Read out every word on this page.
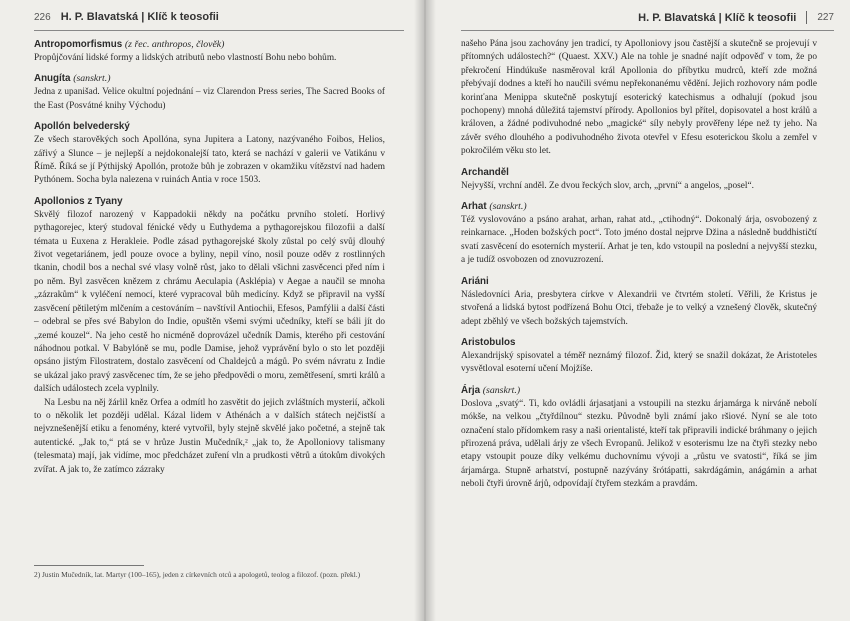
226 H. P. Blavatská | Klíč k teosofii
Antropomorfismus (z řec. anthropos, člověk)

Propůjčování lidské formy a lidských atributů nebo vlastností Bohu nebo bohům.

Anugíta (sanskrt.)

Jedna z upanišad. Velice okultní pojednání – viz Clarendon Press series, The Sacred Books of the East (Posvátné knihy Východu)

Apollón belvederský

Ze všech starověkých soch Apollóna, syna Jupitera a Latony, nazývaného Foibos, Helios, zářivý a Slunce – je nejlepší a nejdokonalejší tato, která se nachází v galerii ve Vatikánu v Římě. Říká se jí Pýthijský Apollón, protože bůh je zobrazen v okamžiku vítězství nad hadem Pythónem. Socha byla nalezena v ruinách Antia v roce 1503.

Apollonios z Tyany

Skvělý filozof narozený v Kappadokii někdy na počátku prvního století. Horlivý pythagorejec, který studoval fénické vědy u Euthydema a pythagorejskou filozofii a další témata u Euxena z Herakleie. Podle zásad pythagorejské školy zůstal po celý svůj dlouhý život vegetariánem, jedl pouze ovoce a byliny, nepil víno, nosil pouze oděv z rostlinných tkanin, chodil bos a nechal své vlasy volně růst, jako to dělali všichni zasvěcenci před ním i po něm. Byl zasvěcen knězem z chrámu Aeculapia (Asklépia) v Aegae a naučil se mnoha „zázrakům“ k vyléčení nemocí, které vypracoval bůh medicíny. Když se připravil na vyšší zasvěcení pětiletým mlčením a cestováním – navštívil Antiochii, Efesos, Pamfýlii a další části – odebral se přes své Babylon do Indie, opuštěn všemi svými učedníky, kteří se báli jít do „zemé kouzel“. Na jeho cestě ho nicméně doprovázel učedník Damis, kterého při cestování náhodnou potkal. V Babylóně se mu, podle Damise, jehož vyprávění bylo o sto let později opsáno jistým Filostratem, dostalo zasvěcení od Chaldejců a mágů. Po svém návratu z Indie se ukázal jako pravý zasvěcenec tím, že se jeho předpovědi o moru, zemětřesení, smrti králů a dalších událostech zcela vyplnily.

Na Lesbu na něj žárlil kněz Orfea a odmítl ho zasvětit do jejich zvláštních mysterií, ačkoli to o několik let později udělal. Kázal lidem v Athénách a v dalších státech nejčistší a nejvznešenější etiku a fenomény, které vytvořil, byly stejně skvělé jako početné, a stejně tak autentické. „Jak to,“ ptá se v hrůze Justin Mučedník,² „jak to, že Apolloniovy talismany (telesmata) mají, jak vidíme, moc předcházet zuření vln a prudkosti větrů a útokům divokých zvířat. A jak to, že zatímco zázraky

2) Justin Mučedník, lat. Martyr (100–165), jeden z církevních otců a apologetů, teolog a filozof. (pozn. překl.)
H. P. Blavatská | Klíč k teosofii 227

našeho Pána jsou zachovány jen tradicí, ty Apolloniovy jsou častější a skutečně se projevují v přítomných událostech?“ (Quaest. XXV.) Ale na tohle je snadné najít odpověď v tom, že po překročení Hindúkuše nasměroval král Apollonia do příbytku mudrců, kteří zde možná přebývají dodnes a kteří ho naučili svému nepřekonanému vědění. Jejich rozhovory nám podle korinťana Menippa skutečně poskytují esoterický katechismus a odhalují (pokud jsou pochopeny) mnohá důležitá tajemství přírody. Apollonios byl přítel, dopisovatel a host králů a královen, a žádné podivuhodné nebo „magické“ síly nebyly prověřeny lépe než ty jeho. Na závěr svého dlouhého a podivuhodného života otevřel v Efesu esoterickou školu a zemřel v pokročilém věku sto let.

Archanděl

Nejvyšší, vrchní anděl. Ze dvou řeckých slov, arch, „první“ a angelos, „posel“.

Arhat (sanskrt.)

Též vyslovováno a psáno arahat, arhan, rahat atd., „ctihodný“. Dokonalý árja, osvobozený z reinkarnace. „Hoden božských poct“. Toto jméno dostal nejprve Džina a následně buddhističtí svatí zasvěcení do esoterních mysterií. Arhat je ten, kdo vstoupil na poslední a nejvyšší stezku, a je tudíž osvobozen od znovuzrození.

Ariáni

Následovníci Aria, presbytera církve v Alexandrii ve čtvrtém století. Věřili, že Kristus je stvořená a lidská bytost podřízená Bohu Otci, třebaže je to velký a vznešený člověk, skutečný adept zběhlý ve všech božských tajemstvích.

Aristobulos

Alexandrijský spisovatel a téměř neznámý filozof. Žid, který se snažil dokázat, že Aristoteles vysvětloval esoterní učení Mojžíše.

Árja (sanskrt.)

Doslova „svatý“. Ti, kdo ovládli árjasatjani a vstoupili na stezku árjamárga k nirváně nebolí mókše, na velkou „čtyřdílnou“ stezku. Původně byli známí jako ršiové. Nyní se ale toto označení stalo přídomkem rasy a naši orientalisté, kteří tak připravili indické bráhmany o jejich přirozená práva, udělali árjy ze všech Evropanů. Jelikož v esoterismu lze na čtyři stezky nebo etapy vstoupit pouze díky velkému duchovnímu vývoji a „růstu ve svatosti“, říká se jim árjamárga. Stupně arhatství, postupně nazývány šrótápatti, sakrdágámin, anágámin a arhat neboli čtyři úrovně árjů, odpovídají čtyřem stezkám a pravdám.
